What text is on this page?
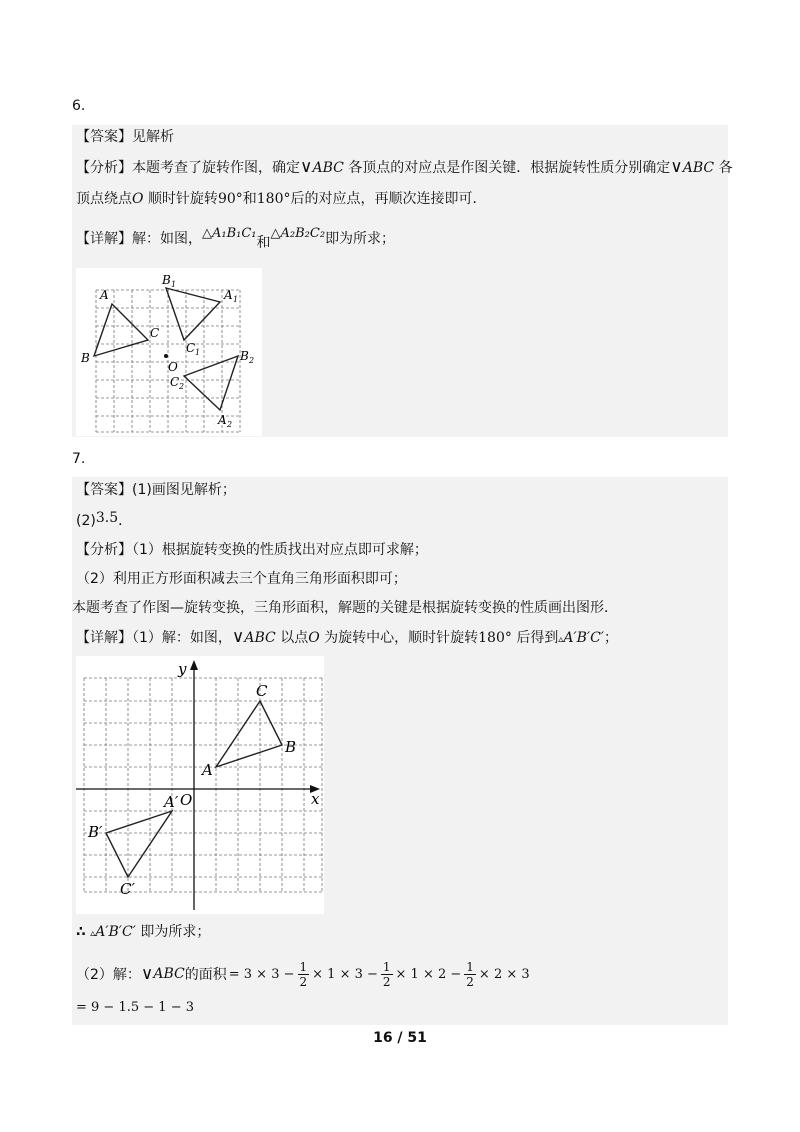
6.
【答案】见解析
【分析】本题考查了旋转作图，确定∨ABC 各顶点的对应点是作图关键．根据旋转性质分别确定∨ABC 各
顶点绕点O 顺时针旋转90°和180°后的对应点，再顺次连接即可．
【详解】解：如图，△A₁B₁C₁和△A₂B₂C₂即为所求；
A
B
C
O
B 1
A 1
C 1	B 2
C 2
A 2
7.
【答案】(1)画图见解析；
(2)3.5．
【分析】（1）根据旋转变换的性质找出对应点即可求解；
（2）利用正方形面积减去三个直角三角形面积即可；
本题考查了作图—旋转变换，三角形面积，解题的关键是根据旋转变换的性质画出图形．
【详解】（1）解：如图，∨ABC 以点O 为旋转中心，顺时针旋转180° 后得到▵A′B′C′；
y
x
O
A
B
C
A′
B′
C′
∴ ▵A′B′C′ 即为所求；
（2）解： ∨ ABC 的面积 = $3 \times 3 - \frac{1}{2} \times 1 \times 3 - \frac{1}{2} \times 1 \times 2 - \frac{1}{2} \times 2 \times 3$
= 9 − 1.5 − 1 − 3
16 / 51
